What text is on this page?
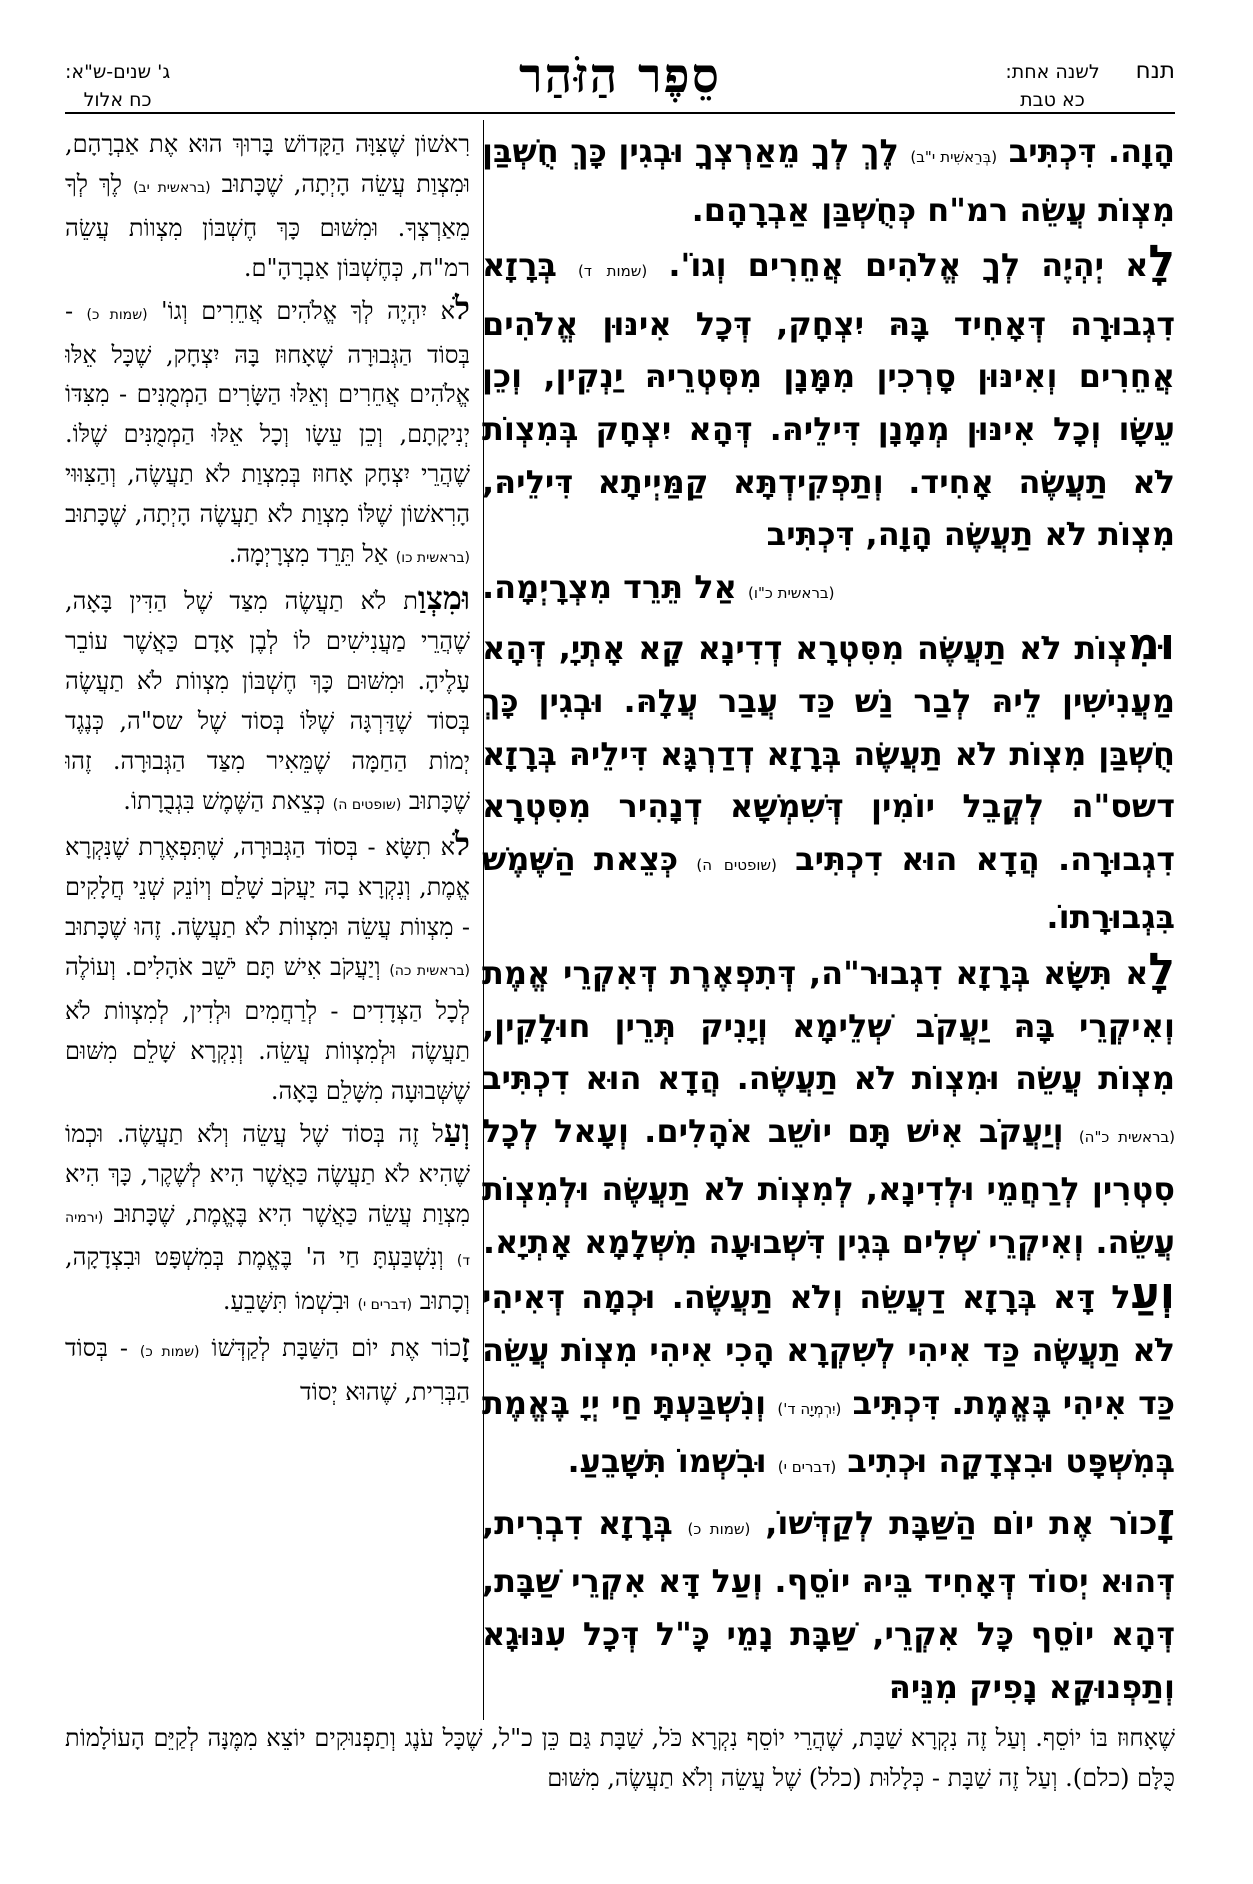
תנח
לשנה אחת:
כא טבת
סֵפֶר הַזֹּהַר
ג' שנים-ש"א:
כח אלול

הָוָה. דִּכְתִּיב (בְּרֵאשִׁית י"ב) לֶךְ לְךָ מֵאַרְצְךָ וּבְגִין כָּךְ חֻשְׁבַּן מִצְוֹת עֲשֵׂה רמ"ח כְּחֻשְׁבַּן אַבְרָהָם.

לָא יְהְיֶה לְךָ אֱלֹהִים אֲחֵרִים וְגוֹ'. (שמות ד) בְּרָזָא דִגְבוּרָה דְּאָחִיד בָּהּ יִצְחָק, דְּכָל אִינּוּן אֱלֹהִים אֲחֵרִים וְאִינּוּן סָרְכִין מִמָּנָן מִסְּטְרֵיהּ יַנְקִין, וְכֵן עֵשָׂו וְכָל אִינּוּן מְמָנָן דִּילֵיהּ. דְּהָא יִצְחָק בְּמִצְוֹת לֹא תַעֲשֶׂה אָחִיד. וְתַפְקִידְתָּא קַמַּיְיתָא דִּילֵיהּ, מִצְוֹת לֹא תַעֲשֶׂה הָוָה, דִּכְתִּיב

(בראשית כ"ו) אַל תֵּרֵד מִצְרָיְמָה.

וּמִצְוֹת לֹא תַעֲשֶׂה מִסִּטְרָא דְדִינָא קָא אָתְיָ, דְּהָא מַעֲנִישִׁין לֵיהּ לְבַר נַשׁ כַּד עֲבַר עֲלָהּ. וּבְגִין כָּךְ חֻשְׁבַּן מִצְוֹת לֹא תַעֲשֶׂה בְּרָזָא דְדַרְגָּא דִּילֵיהּ בְּרָזָא דשס"ה לְקֳבֵל יוֹמִין דְּשִׁמְשָׁא דְנָהִיר מִסִּטְרָא דִגְבוּרָה. הֲדָא הוּא דִכְתִּיב (שופטים ה) כְּצֵאת הַשֶּׁמֶשׁ בִּגְבוּרָתוֹ.

לָא תִּשָּׂא בְּרָזָא דִגְבוּר"ה, דְּתִפְאֶרֶת דְּאִקְרֵי אֱמֶת וְאִיקְרֵי בָּהּ יַעֲקֹב שְׁלֵימָא וְיָנִיק תְּרֵין חוּלָקִין, מִצְוֹת עֲשֵׂה וּמִצְוֹת לֹא תַעֲשֶׂה. הֲדָא הוּא דִכְתִּיב (בראשית כ"ה) וְיַעֲקֹב אִישׁ תָּם יוֹשֵׁב אֹהָלִים. וְעָאל לְכָל סִטְרִין לְרַחֲמֵי וּלְדִינָא, לְמִצְוֹת לֹא תַעֲשֶׂה וּלְמִצְוֹת עֲשֵׂה. וְאִיקְרֵי שְׁלִים בְּגִין דִּשְׁבוּעָה מִשְּׁלָמָא אָתְיָא.

וְעַל דָּא בְּרָזָא דַעֲשֵׂה וְלֹא תַעֲשֶׂה. וּכְמָה דְּאִיהִי לֹא תַעֲשֶׂה כַּד אִיהִי לְשִׁקְרָא הָכִי אִיהִי מִצְוֹת עֲשֵׂה כַּד אִיהִי בֶּאֱמֶת. דִּכְתִּיב (יִרְמְיָה ד') וְנִשְׁבַּעְתָּ חַי יְיָ בֶּאֱמֶת בְּמִשְׁפָּט וּבִצְדָקָה וּכְתִיב (דברים י) וּבִשְׁמוֹ תִּשָּׁבֵעַ.

זָכוֹר אֶת יוֹם הַשַּׁבָּת לְקַדְּשׁוֹ, (שמות כ) בְּרָזָא דִבְרִית, דְּהוּא יְסוֹד דְּאָחִיד בֵּיהּ יוֹסֵף. וְעַל דָּא אִקְרֵי שַׁבָּת, דְּהָא יוֹסֵף כָּל אִקְרֵי, שַׁבָּת נָמֵי כָּ"ל דְּכָל עִנּוּגָא וְתַפְנוּקָא נָפִיק מִנֵּיהּ

רִאשׁוֹן שֶׁצִּוָּה הַקָּדוֹשׁ בָּרוּךְ הוּא אֶת אַבְרָהָם, וּמִצְוַת עֲשֵׂה הָיְתָה, שֶׁכָּתוּב (בראשית יב) לֶךְ לְךָ מֵאַרְצְךָ. וּמִשּׁוּם כָּךְ חֶשְׁבּוֹן מִצְווֹת עֲשֵׂה רמ"ח, כְּחֶשְׁבּוֹן אַבְרָהָ"ם.

לֹא יִהְיֶה לְךָ אֱלֹהִים אֲחֵרִים וְגוֹ' (שמות כ) - בְּסוֹד הַגְּבוּרָה שֶׁאָחוּז בָּהּ יִצְחָק, שֶׁכָּל אֵלּוּ אֱלֹהִים אֲחֵרִים וְאֵלּוּ הַשָּׂרִים הַמְמֻנִּים - מִצִּדּוֹ יְנִיקָתָם, וְכֵן עֵשָׂו וְכָל אֵלּוּ הַמְמֻנִּים שֶׁלּוֹ. שֶׁהֲרֵי יִצְחָק אָחוּז בְּמִצְוַת לֹא תַעֲשֶׂה, וְהַצִּוּוּי הָרִאשׁוֹן שֶׁלּוֹ מִצְוַת לֹא תַעֲשֶׂה הָיְתָה, שֶׁכָּתוּב (בראשית כו) אַל תֵּרֵד מִצְרָיְמָה.

וּמִצְוַת לֹא תַעֲשֶׂה מִצַּד שֶׁל הַדִּין בָּאָה, שֶׁהֲרֵי מַעֲנִישִׁים לוֹ לְבֶן אָדָם כַּאֲשֶׁר עוֹבֵר עָלֶיהָ. וּמִשּׁוּם כָּךְ חֶשְׁבּוֹן מִצְווֹת לֹא תַעֲשֶׂה בְּסוֹד שֶׁדַּרְגָּה שֶׁלּוֹ בְּסוֹד שֶׁל שס"ה, כְּנֶגֶד יְמוֹת הַחַמָּה שֶׁמֵּאִיר מִצַּד הַגְּבוּרָה. זֶהוּ שֶׁכָּתוּב (שופטים ה) כְּצֵאת הַשֶּׁמֶשׁ בִּגְבֻרָתוֹ.

לֹא תִשָּׂא - בְּסוֹד הַגְּבוּרָה, שֶׁתִּפְאֶרֶת שֶׁנִּקְרָא אֱמֶת, וְנִקְרָא בָהּ יַעֲקֹב שָׁלֵם וְיוֹנֵק שְׁנֵי חֲלָקִים - מִצְווֹת עֲשֵׂה וּמִצְווֹת לֹא תַעֲשֶׂה. זֶהוּ שֶׁכָּתוּב (בראשית כה) וְיַעֲקֹב אִישׁ תָּם יֹשֵׁב אֹהָלִים. וְעוֹלֶה לְכָל הַצְּדָדִים - לְרַחֲמִים וּלְדִין, לְמִצְווֹת לֹא תַעֲשֶׂה וּלְמִצְווֹת עֲשֵׂה. וְנִקְרָא שָׁלֵם מִשּׁוּם שֶׁשְּׁבוּעָה מִשָּׁלֵם בָּאָה.

וְעַל זֶה בְּסוֹד שֶׁל עֲשֵׂה וְלֹא תַעֲשֶׂה. וּכְמוֹ שֶׁהִיא לֹא תַעֲשֶׂה כַּאֲשֶׁר הִיא לְשֶׁקֶר, כָּךְ הִיא מִצְוַת עֲשֵׂה כַּאֲשֶׁר הִיא בֶּאֱמֶת, שֶׁכָּתוּב (ירמיה ד) וְנִשְׁבַּעְתָּ חַי ה' בֶּאֱמֶת בְּמִשְׁפָּט וּבִצְדָקָה, וְכָתוּב (דברים י) וּבִשְׁמוֹ תִּשָּׁבֵעַ.

זָכוֹר אֶת יוֹם הַשַּׁבָּת לְקַדְּשׁוֹ (שמות כ) - בְּסוֹד הַבְּרִית, שֶׁהוּא יְסוֹד

שֶׁאָחוּז בּוֹ יוֹסֵף. וְעַל זֶה נִקְרָא שַׁבָּת, שֶׁהֲרֵי יוֹסֵף נִקְרָא כֹּל, שַׁבָּת גַּם כֵּן כ"ל, שֶׁכָּל עֹנֶג וְתַפְנוּקִים יוֹצֵא מִמֶּנָּה לְקַיֵּם הָעוֹלָמוֹת כֻּלָּם (כלם). וְעַל זֶה שַׁבָּת - כְּלָלוּת (כלל) שֶׁל עֲשֵׂה וְלֹא תַעֲשֶׂה, מִשּׁוּם
